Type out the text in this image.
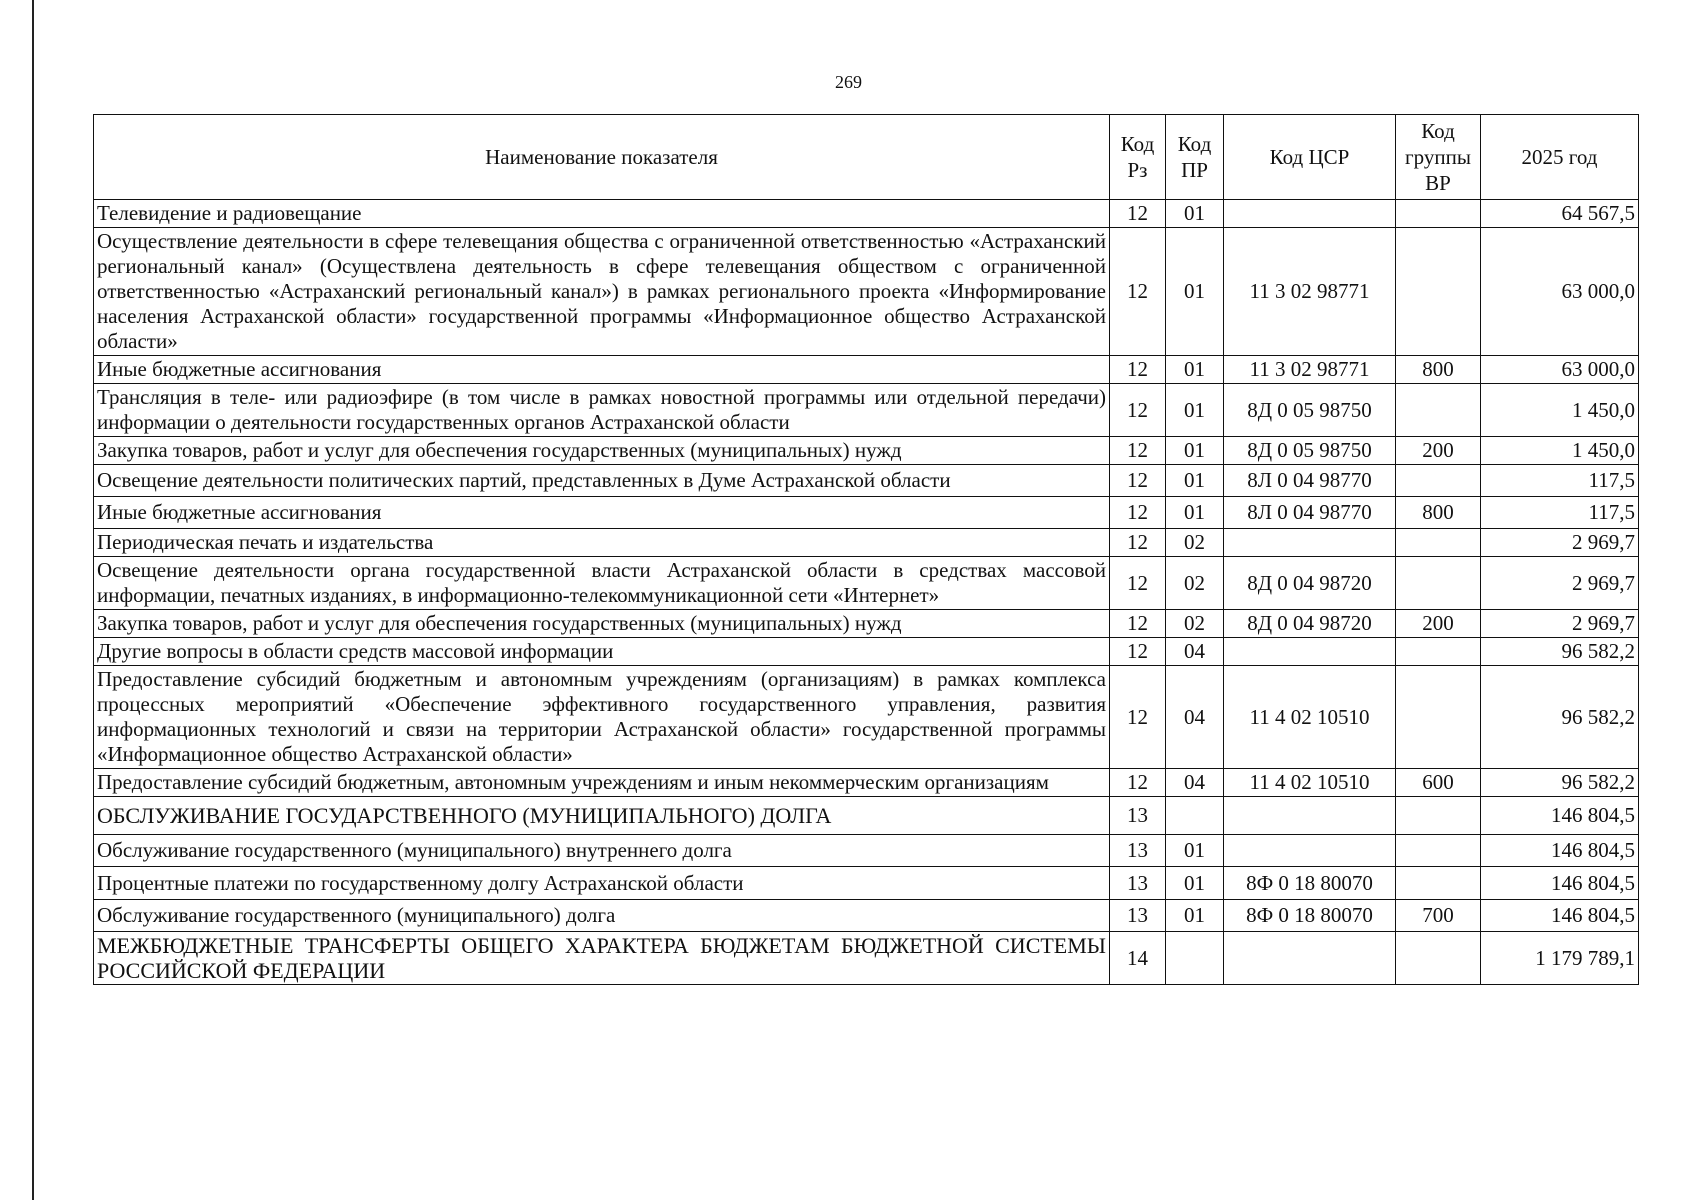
269
Наименование показателя	Код Рз	Код ПР	Код ЦСР	Код группы ВР	2025 год
Телевидение и радиовещание	12	01			64 567,5
Осуществление деятельности в сфере телевещания общества с ограниченной ответственностью «Астраханский региональный канал» (Осуществлена деятельность в сфере телевещания обществом с ограниченной ответственностью «Астраханский региональный канал») в рамках регионального проекта «Информирование населения Астраханской области» государственной программы «Информационное общество Астраханской области»	12	01	11 3 02 98771		63 000,0
Иные бюджетные ассигнования	12	01	11 3 02 98771	800	63 000,0
Трансляция в теле- или радиоэфире (в том числе в рамках новостной программы или отдельной передачи) информации о деятельности государственных органов Астраханской области	12	01	8Д 0 05 98750		1 450,0
Закупка товаров, работ и услуг для обеспечения государственных (муниципальных) нужд	12	01	8Д 0 05 98750	200	1 450,0
Освещение деятельности политических партий, представленных в Думе Астраханской области	12	01	8Л 0 04 98770		117,5
Иные бюджетные ассигнования	12	01	8Л 0 04 98770	800	117,5
Периодическая печать и издательства	12	02			2 969,7
Освещение деятельности органа государственной власти Астраханской области в средствах массовой информации, печатных изданиях, в информационно-телекоммуникационной сети «Интернет»	12	02	8Д 0 04 98720		2 969,7
Закупка товаров, работ и услуг для обеспечения государственных (муниципальных) нужд	12	02	8Д 0 04 98720	200	2 969,7
Другие вопросы в области средств массовой информации	12	04			96 582,2
Предоставление субсидий бюджетным и автономным учреждениям (организациям) в рамках комплекса процессных мероприятий «Обеспечение эффективного государственного управления, развития информационных технологий и связи на территории Астраханской области» государственной программы «Информационное общество Астраханской области»	12	04	11 4 02 10510		96 582,2
Предоставление субсидий бюджетным, автономным учреждениям и иным некоммерческим организациям	12	04	11 4 02 10510	600	96 582,2
ОБСЛУЖИВАНИЕ ГОСУДАРСТВЕННОГО (МУНИЦИПАЛЬНОГО) ДОЛГА	13				146 804,5
Обслуживание государственного (муниципального) внутреннего долга	13	01			146 804,5
Процентные платежи по государственному долгу Астраханской области	13	01	8Ф 0 18 80070		146 804,5
Обслуживание государственного (муниципального) долга	13	01	8Ф 0 18 80070	700	146 804,5
МЕЖБЮДЖЕТНЫЕ ТРАНСФЕРТЫ ОБЩЕГО ХАРАКТЕРА БЮДЖЕТАМ БЮДЖЕТНОЙ СИСТЕМЫ РОССИЙСКОЙ ФЕДЕРАЦИИ	14				1 179 789,1
